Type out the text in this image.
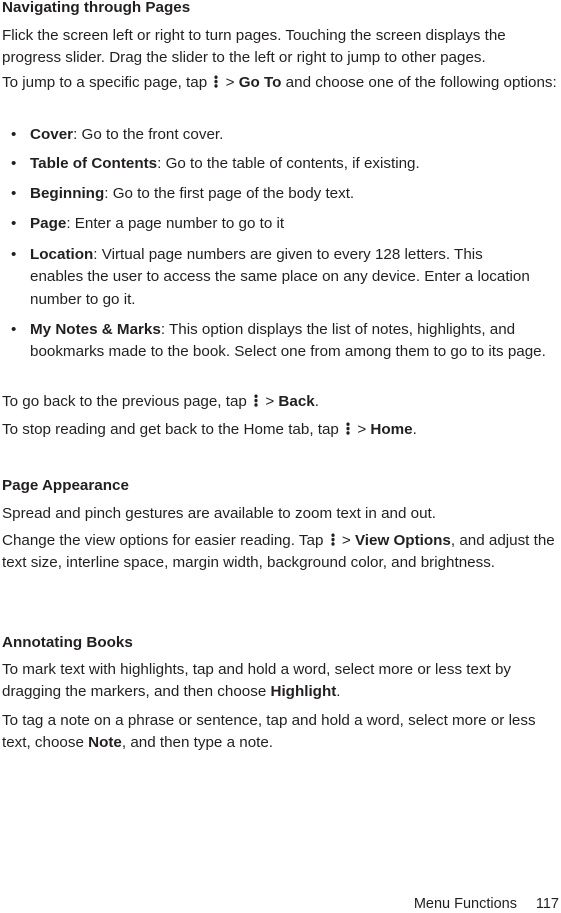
Navigating through Pages

Flick the screen left or right to turn pages. Touching the screen displays the progress slider. Drag the slider to the left or right to jump to other pages.

To jump to a specific page, tap  > Go To and choose one of the following options:

• Cover: Go to the front cover.
• Table of Contents: Go to the table of contents, if existing.
• Beginning: Go to the first page of the body text.
• Page: Enter a page number to go to it
• Location: Virtual page numbers are given to every 128 letters. This enables the user to access the same place on any device. Enter a location number to go it.
• My Notes & Marks: This option displays the list of notes, highlights, and bookmarks made to the book. Select one from among them to go to its page.

To go back to the previous page, tap  > Back.

To stop reading and get back to the Home tab, tap  > Home.

Page Appearance

Spread and pinch gestures are available to zoom text in and out.

Change the view options for easier reading. Tap  > View Options, and adjust the text size, interline space, margin width, background color, and brightness.

Annotating Books

To mark text with highlights, tap and hold a word, select more or less text by dragging the markers, and then choose Highlight.

To tag a note on a phrase or sentence, tap and hold a word, select more or less text, choose Note, and then type a note.

Menu Functions 117
